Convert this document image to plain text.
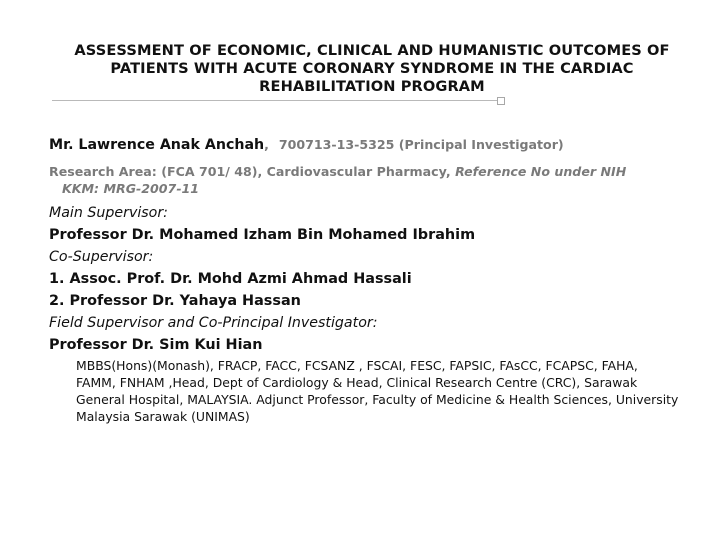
ASSESSMENT OF ECONOMIC, CLINICAL AND HUMANISTIC OUTCOMES OF
PATIENTS WITH ACUTE CORONARY SYNDROME IN THE CARDIAC
REHABILITATION PROGRAM
Mr. Lawrence Anak Anchah, 700713-13-5325 (Principal Investigator)
Research Area: (FCA 701/ 48), Cardiovascular Pharmacy, Reference No under NIH
KKM: MRG-2007-11
Main Supervisor:
Professor Dr. Mohamed Izham Bin Mohamed Ibrahim
Co-Supervisor:
1. Assoc. Prof. Dr. Mohd Azmi Ahmad Hassali
2. Professor Dr. Yahaya Hassan
Field Supervisor and Co-Principal Investigator:
Professor Dr. Sim Kui Hian
MBBS(Hons)(Monash), FRACP, FACC, FCSANZ , FSCAI, FESC, FAPSIC, FAsCC, FCAPSC, FAHA,
FAMM, FNHAM ,Head, Dept of Cardiology & Head, Clinical Research Centre (CRC), Sarawak
General Hospital, MALAYSIA. Adjunct Professor, Faculty of Medicine & Health Sciences, University
Malaysia Sarawak (UNIMAS)
